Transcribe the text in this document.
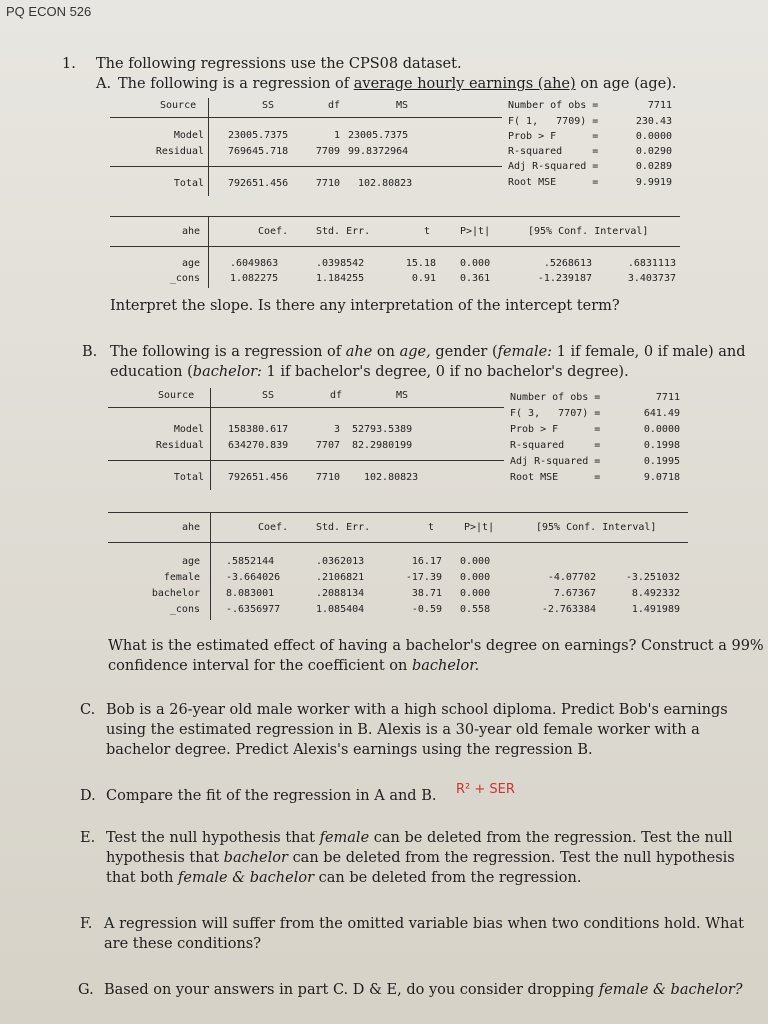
PQ ECON 526
1. The following regressions use the CPS08 dataset.
A. The following is a regression of average hourly earnings (ahe) on age (age).
Source	SS	df	MS
Model 23005.7375	1 23005.7375
Residual 769645.718	7709 99.8372964
Total 792651.456	7710 102.80823
Number of obs =	7711
F( 1,   7709) =	230.43
Prob > F      =	0.0000
R-squared     =	0.0290
Adj R-squared =	0.0289
Root MSE      =	9.9919
ahe	Coef.	Std. Err.	t	P>|t|	[95% Conf. Interval]
age	.6049863	.0398542	15.18 0.000	.5268613	.6831113
_cons	1.082275	1.184255	0.91 0.361	-1.239187	3.403737
Interpret the slope. Is there any interpretation of the intercept term?
B. The following is a regression of ahe on age, gender (female: 1 if female, 0 if male) and
education (bachelor: 1 if bachelor's degree, 0 if no bachelor's degree).
Source	SS	df	MS
Model 158380.617	3 52793.5389
Residual 634270.839	7707 82.2980199
Total 792651.456	7710 102.80823
Number of obs =	7711
F( 3,   7707) =	641.49
Prob > F      =	0.0000
R-squared     =	0.1998
Adj R-squared =	0.1995
Root MSE      =	9.0718
ahe	Coef.	Std. Err.	t	P>|t|	[95% Conf. Interval]
age	.5852144	.0362013	16.17 0.000
female	-3.664026	.2106821	-17.39 0.000	-4.07702	-3.251032
bachelor	8.083001	.2088134	38.71 0.000	7.67367	8.492332
_cons	-.6356977	1.085404	-0.59 0.558	-2.763384	1.491989
What is the estimated effect of having a bachelor's degree on earnings? Construct a 99%
confidence interval for the coefficient on bachelor.
C. Bob is a 26-year old male worker with a high school diploma. Predict Bob's earnings
using the estimated regression in B. Alexis is a 30-year old female worker with a
bachelor degree. Predict Alexis's earnings using the regression B.
D. Compare the fit of the regression in A and B. R² + SER
E. Test the null hypothesis that female can be deleted from the regression. Test the null
hypothesis that bachelor can be deleted from the regression. Test the null hypothesis
that both female & bachelor can be deleted from the regression.
F. A regression will suffer from the omitted variable bias when two conditions hold. What
are these conditions?
G. Based on your answers in part C. D & E, do you consider dropping female & bachelor?
